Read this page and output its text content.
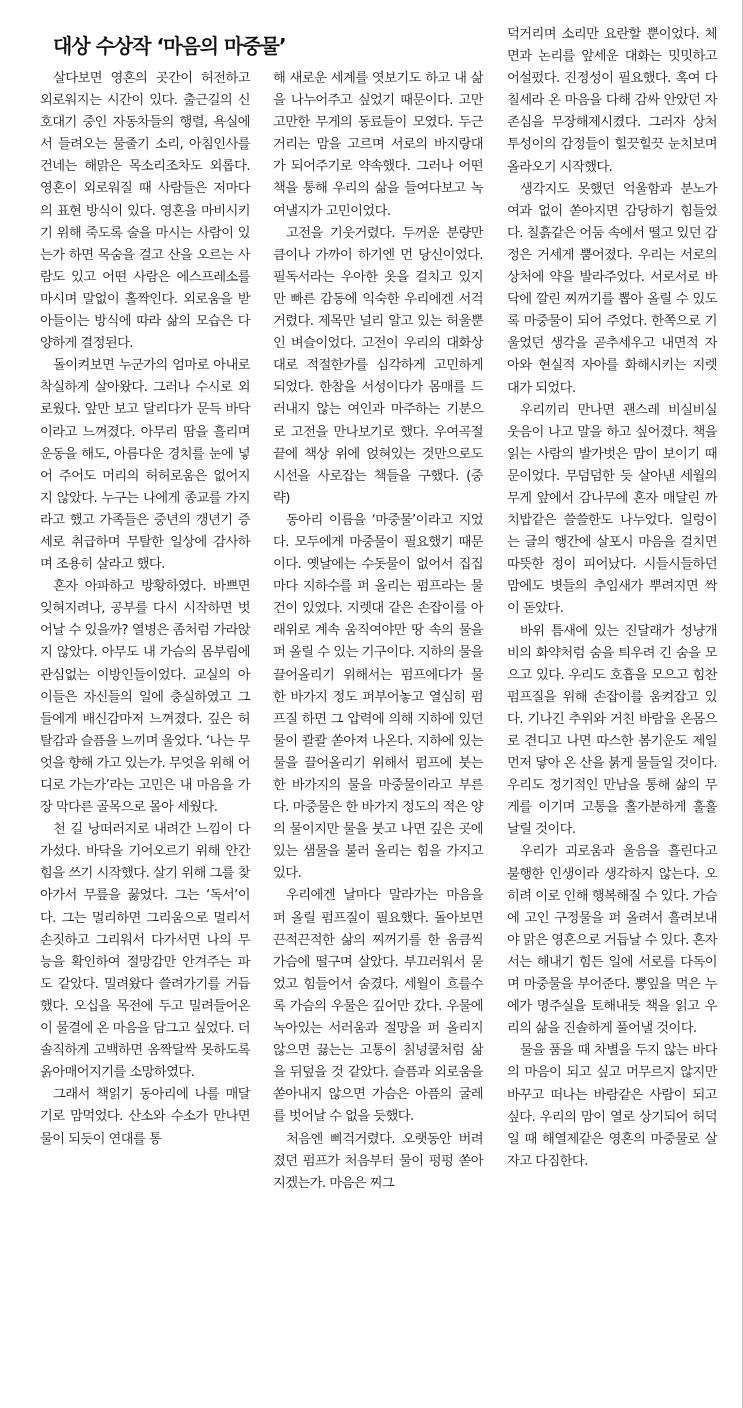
대상 수상작 ‘마음의 마중물’

살다보면 영혼의 곳간이 허전하고 외로워지는 시간이 있다. 출근길의 신호대기 중인 자동차들의 행렬, 욕실에서 들려오는 물줄기 소리, 아침인사를 건네는 해맑은 목소리조차도 외롭다. 영혼이 외로워질 때 사람들은 저마다의 표현 방식이 있다. 영혼을 마비시키기 위해 죽도록 술을 마시는 사람이 있는가 하면 목숨을 걸고 산을 오르는 사람도 있고 어떤 사람은 에스프레소를 마시며 말없이 홀짝인다. 외로움을 받아들이는 방식에 따라 삶의 모습은 다양하게 결정된다.

돌이켜보면 누군가의 엄마로 아내로 착실하게 살아왔다. 그러나 수시로 외로웠다. 앞만 보고 달리다가 문득 바닥이라고 느껴졌다. 아무리 땀을 흘리며 운동을 해도, 아름다운 경치를 눈에 넣어 주어도 머리의 허허로움은 없어지지 않았다. 누구는 나에게 종교를 가지라고 했고 가족들은 중년의 갱년기 증세로 취급하며 무탈한 일상에 감사하며 조용히 살라고 했다.

혼자 아파하고 방황하였다. 바쁘면 잊혀지려나, 공부를 다시 시작하면 벗어날 수 있을까? 열병은 좀처럼 가라앉지 않았다. 아무도 내 가슴의 몸부림에 관심없는 이방인들이었다. 교실의 아이들은 자신들의 일에 충실하였고 그들에게 배신감마저 느껴졌다. 깊은 허탈감과 슬픔을 느끼며 울었다. ‘나는 무엇을 향해 가고 있는가. 무엇을 위해 어디로 가는가’라는 고민은 내 마음을 가장 막다른 골목으로 몰아 세웠다.

천 길 낭떠러지로 내려간 느낌이 다가섰다. 바닥을 기어오르기 위해 안간힘을 쓰기 시작했다. 살기 위해 그를 찾아가서 무릎을 꿇었다. 그는 ‘독서’이다. 그는 멀리하면 그리움으로 멀리서 손짓하고 그리워서 다가서면 나의 무능을 확인하여 절망감만 안겨주는 파도 같았다. 밀려왔다 쓸려가기를 거듭했다. 오십을 목전에 두고 밀려들어온 이 물결에 온 마음을 담그고 싶었다. 더 솔직하게 고백하면 옴짝달싹 못하도록 옭아매어지기를 소망하였다.

그래서 책읽기 동아리에 나를 매달기로 맘먹었다. 산소와 수소가 만나면 물이 되듯이 연대를 통

해 새로운 세계를 엿보기도 하고 내 삶을 나누어주고 싶었기 때문이다. 고만고만한 무게의 동료들이 모였다. 두근거리는 맘을 고르며 서로의 바지랑대가 되어주기로 약속했다. 그러나 어떤 책을 통해 우리의 삶을 들여다보고 녹여낼지가 고민이었다.

고전을 기웃거렸다. 두꺼운 분량만큼이나 가까이 하기엔 먼 당신이었다. 필독서라는 우아한 옷을 걸치고 있지만 빠른 감동에 익숙한 우리에겐 서걱거렸다. 제목만 널리 알고 있는 허울뿐인 벼슬이었다. 고전이 우리의 대화상대로 적절한가를 심각하게 고민하게 되었다. 한참을 서성이다가 몸매를 드러내지 않는 여인과 마주하는 기분으로 고전을 만나보기로 했다. 우여곡절 끝에 책상 위에 얹혀있는 것만으로도 시선을 사로잡는 책들을 구했다. (중략)

동아리 이름을 ‘마중물’이라고 지었다. 모두에게 마중물이 필요했기 때문이다. 옛날에는 수돗물이 없어서 집집마다 지하수를 퍼 올리는 펌프라는 물건이 있었다. 지렛대 같은 손잡이를 아래위로 계속 움직여야만 땅 속의 물을 퍼 올릴 수 있는 기구이다. 지하의 물을 끌어올리기 위해서는 펌프에다가 물 한 바가지 정도 퍼부어놓고 열심히 펌프질 하면 그 압력에 의해 지하에 있던 물이 콸콸 쏟아져 나온다. 지하에 있는 물을 끌어올리기 위해서 펌프에 붓는 한 바가지의 물을 마중물이라고 부른다. 마중물은 한 바가지 정도의 적은 양의 물이지만 물을 붓고 나면 깊은 곳에 있는 샘물을 불러 올리는 힘을 가지고 있다.

우리에겐 날마다 말라가는 마음을 퍼 올릴 펌프질이 필요했다. 돌아보면 끈적끈적한 삶의 찌꺼기를 한 움큼씩 가슴에 떨구며 살았다. 부끄러워서 묻었고 힘들어서 숨겼다. 세월이 흐를수록 가슴의 우물은 깊어만 갔다. 우물에 녹아있는 서러움과 절망을 퍼 올리지 않으면 끓는는 고통이 칡넝쿨처럼 삶을 뒤덮을 것 같았다. 슬픔과 외로움을 쏟아내지 않으면 가슴은 아픔의 굴레를 벗어날 수 없을 듯했다.

처음엔 삐걱거렸다. 오랫동안 버려졌던 펌프가 처음부터 물이 펑펑 쏟아지겠는가. 마음은 찌그

덕거리며 소리만 요란할 뿐이었다. 체면과 논리를 앞세운 대화는 밋밋하고 어설펐다. 진정성이 필요했다. 혹여 다칠세라 온 마음을 다해 감싸 안았던 자존심을 무장해제시켰다. 그러자 상처투성이의 감정들이 힐끗힐끗 눈치보며 올라오기 시작했다.

생각지도 못했던 억울함과 분노가 여과 없이 쏟아지면 감당하기 힘들었다. 칠흙같은 어둠 속에서 떨고 있던 감정은 거세게 뿜어졌다. 우리는 서로의 상처에 약을 발라주었다. 서로서로 바닥에 깔린 찌꺼기를 뽑아 올릴 수 있도록 마중물이 되어 주었다. 한쪽으로 기울었던 생각을 곧추세우고 내면적 자아와 현실적 자아를 화해시키는 지렛대가 되었다.

우리끼리 만나면 괜스레 비실비실 웃음이 나고 말을 하고 싶어졌다. 책을 읽는 사람의 발가벗은 맘이 보이기 때문이었다. 무덤덤한 듯 살아낸 세월의 무게 앞에서 감나무에 혼자 매달린 까치밥같은 쓸쓸한도 나누었다. 일렁이는 글의 행간에 살포시 마음을 걸치면 따뜻한 정이 피어났다. 시들시들하던 맘에도 볏들의 추임새가 뿌려지면 싹이 돋았다.

바위 틈새에 있는 진달래가 성냥개비의 화약처럼 숨을 틔우려 긴 숨을 모으고 있다. 우리도 호흡을 모으고 힘찬 펌프질을 위해 손잡이를 움켜잡고 있다. 기나긴 추위와 거친 바람을 온몸으로 견디고 나면 따스한 봄기운도 제일 먼저 닿아 온 산을 붉게 물들일 것이다. 우리도 정기적인 만남을 통해 삶의 무게를 이기며 고통을 홀가분하게 훌훌 날릴 것이다.

우리가 괴로움과 울음을 흘린다고 불행한 인생이라 생각하지 않는다. 오히려 이로 인해 행복해질 수 있다. 가슴에 고인 구정물을 퍼 올려서 흘려보내야 맑은 영혼으로 거듭날 수 있다. 혼자서는 해내기 힘든 일에 서로를 다독이며 마중물을 부어준다. 뽕잎을 먹은 누에가 명주실을 토해내듯 책을 읽고 우리의 삶을 진솔하게 풀어낼 것이다.

물을 품을 때 차별을 두지 않는 바다의 마음이 되고 싶고 머무르지 않지만 바꾸고 떠나는 바람같은 사람이 되고 싶다. 우리의 맘이 열로 상기되어 허덕일 때 해열제같은 영혼의 마중물로 살자고 다짐한다.
